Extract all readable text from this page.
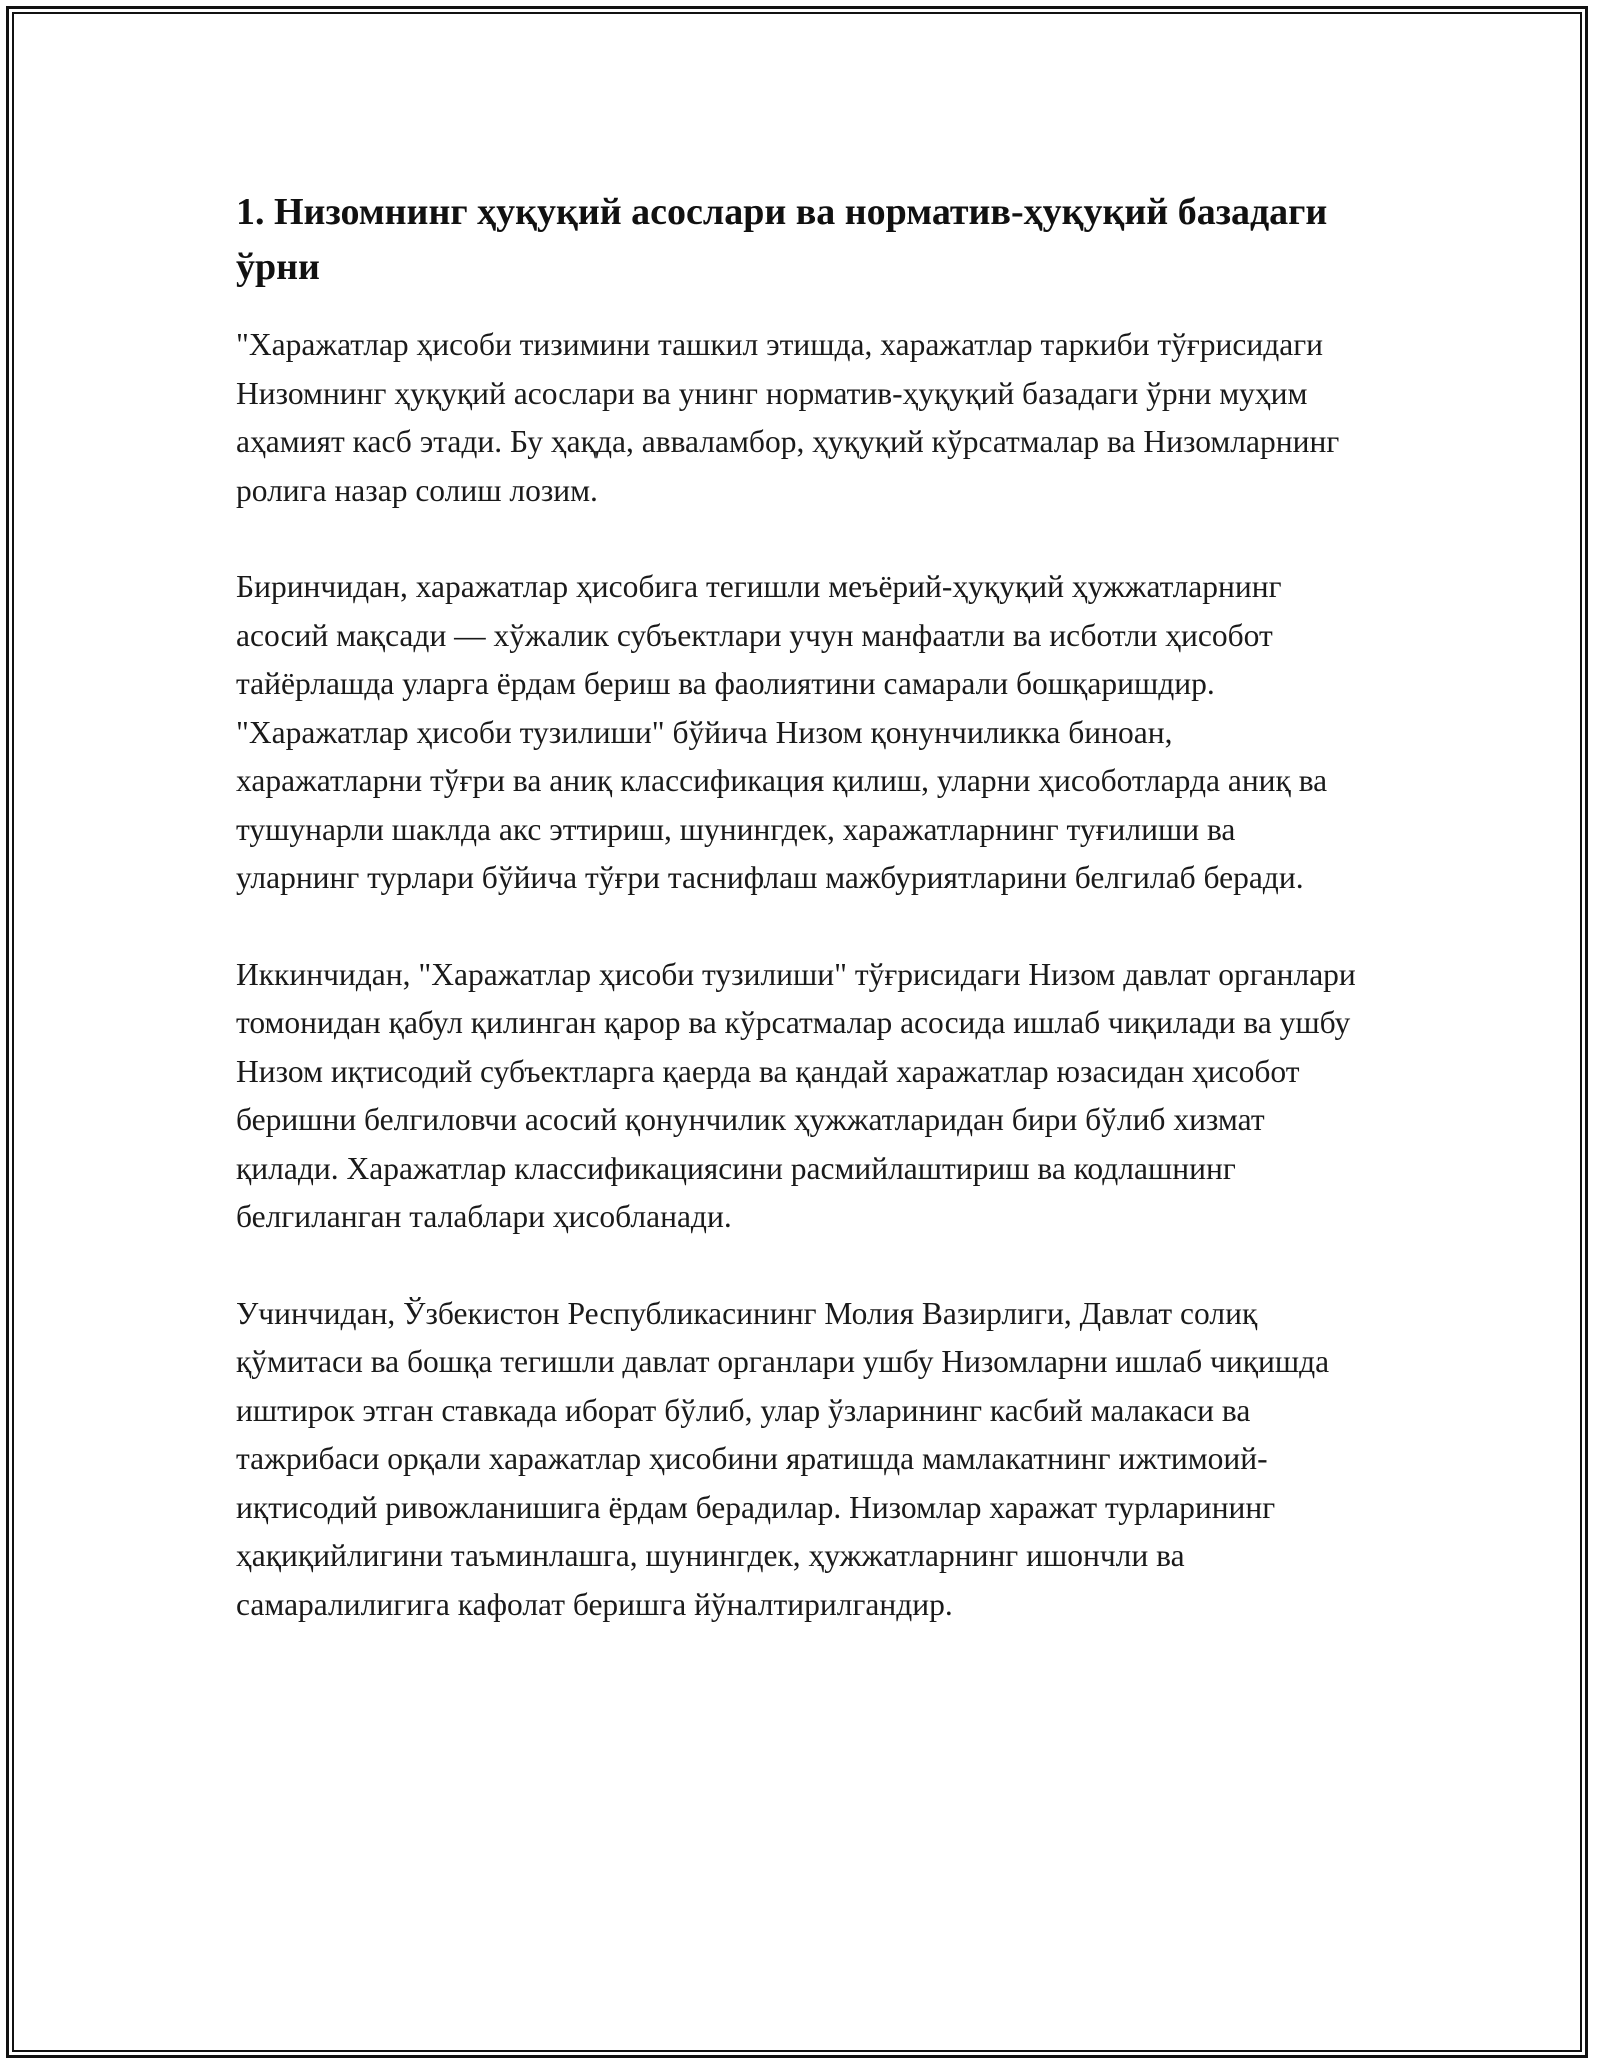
1. Низомнинг ҳуқуқий асослари ва норматив-ҳуқуқий базадаги ўрни

"Харажатлар ҳисоби тизимини ташкил этишда, харажатлар таркиби тўғрисидаги Низомнинг ҳуқуқий асослари ва унинг норматив-ҳуқуқий базадаги ўрни муҳим аҳамият касб этади. Бу ҳақда, авваламбор, ҳуқуқий кўрсатмалар ва Низомларнинг ролига назар солиш лозим.

Биринчидан, харажатлар ҳисобига тегишли меъёрий-ҳуқуқий ҳужжатларнинг асосий мақсади — хўжалик субъектлари учун манфаатли ва исботли ҳисобот тайёрлашда уларга ёрдам бериш ва фаолиятини самарали бошқаришдир. "Харажатлар ҳисоби тузилиши" бўйича Низом қонунчиликка биноан, харажатларни тўғри ва аниқ классификация қилиш, уларни ҳисоботларда аниқ ва тушунарли шаклда акс эттириш, шунингдек, харажатларнинг туғилиши ва уларнинг турлари бўйича тўғри таснифлаш мажбуриятларини белгилаб беради.

Иккинчидан, "Харажатлар ҳисоби тузилиши" тўғрисидаги Низом давлат органлари томонидан қабул қилинган қарор ва кўрсатмалар асосида ишлаб чиқилади ва ушбу Низом иқтисодий субъектларга қаерда ва қандай харажатлар юзасидан ҳисобот беришни белгиловчи асосий қонунчилик ҳужжатларидан бири бўлиб хизмат қилади. Харажатлар классификациясини расмийлаштириш ва кодлашнинг белгиланган талаблари ҳисобланади.

Учинчидан, Ўзбекистон Республикасининг Молия Вазирлиги, Давлат солиқ қўмитаси ва бошқа тегишли давлат органлари ушбу Низомларни ишлаб чиқишда иштирок этган ставкада иборат бўлиб, улар ўзларининг касбий малакаси ва тажрибаси орқали харажатлар ҳисобини яратишда мамлакатнинг ижтимоий-иқтисодий ривожланишига ёрдам берадилар. Низомлар харажат турларининг ҳақиқийлигини таъминлашга, шунингдек, ҳужжатларнинг ишончли ва самаралилигига кафолат беришга йўналтирилгандир.
